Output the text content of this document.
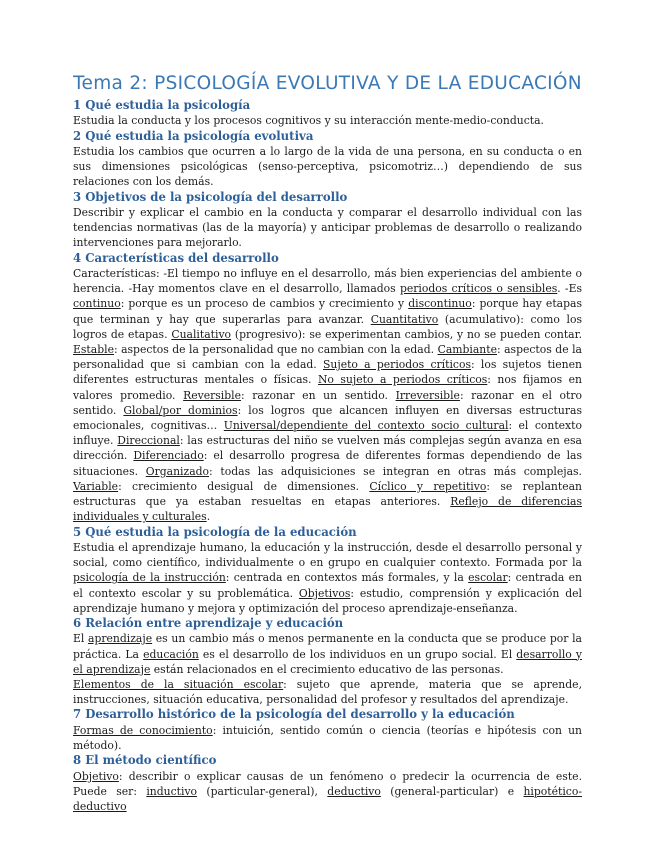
Tema 2: PSICOLOGÍA EVOLUTIVA Y DE LA EDUCACIÓN
1 Qué estudia la psicología

Estudia la conducta y los procesos cognitivos y su interacción mente-medio-conducta.

2 Qué estudia la psicología evolutiva

Estudia los cambios que ocurren a lo largo de la vida de una persona, en su conducta o en sus dimensiones psicológicas (senso-perceptiva, psicomotriz…) dependiendo de sus relaciones con los demás.

3 Objetivos de la psicología del desarrollo

Describir y explicar el cambio en la conducta y comparar el desarrollo individual con las tendencias normativas (las de la mayoría) y anticipar problemas de desarrollo o realizando intervenciones para mejorarlo.

4 Características del desarrollo

Características: -El tiempo no influye en el desarrollo, más bien experiencias del ambiente o herencia. -Hay momentos clave en el desarrollo, llamados periodos críticos o sensibles. -Es continuo: porque es un proceso de cambios y crecimiento y discontinuo: porque hay etapas que terminan y hay que superarlas para avanzar. Cuantitativo (acumulativo): como los logros de etapas. Cualitativo (progresivo): se experimentan cambios, y no se pueden contar. Estable: aspectos de la personalidad que no cambian con la edad. Cambiante: aspectos de la personalidad que si cambian con la edad. Sujeto a periodos críticos: los sujetos tienen diferentes estructuras mentales o físicas. No sujeto a periodos críticos: nos fijamos en valores promedio. Reversible: razonar en un sentido. Irreversible: razonar en el otro sentido. Global/por dominios: los logros que alcancen influyen en diversas estructuras emocionales, cognitivas… Universal/dependiente del contexto socio cultural: el contexto influye. Direccional: las estructuras del niño se vuelven más complejas según avanza en esa dirección. Diferenciado: el desarrollo progresa de diferentes formas dependiendo de las situaciones. Organizado: todas las adquisiciones se integran en otras más complejas. Variable: crecimiento desigual de dimensiones. Cíclico y repetitivo: se replantean estructuras que ya estaban resueltas en etapas anteriores. Reflejo de diferencias individuales y culturales.

5 Qué estudia la psicología de la educación

Estudia el aprendizaje humano, la educación y la instrucción, desde el desarrollo personal y social, como científico, individualmente o en grupo en cualquier contexto. Formada por la psicología de la instrucción: centrada en contextos más formales, y la escolar: centrada en el contexto escolar y su problemática. Objetivos: estudio, comprensión y explicación del aprendizaje humano y mejora y optimización del proceso aprendizaje-enseñanza.

6 Relación entre aprendizaje y educación

El aprendizaje es un cambio más o menos permanente en la conducta que se produce por la práctica. La educación es el desarrollo de los individuos en un grupo social. El desarrollo y el aprendizaje están relacionados en el crecimiento educativo de las personas.

Elementos de la situación escolar: sujeto que aprende, materia que se aprende, instrucciones, situación educativa, personalidad del profesor y resultados del aprendizaje.

7 Desarrollo histórico de la psicología del desarrollo y la educación

Formas de conocimiento: intuición, sentido común o ciencia (teorías e hipótesis con un método).

8 El método científico

Objetivo: describir o explicar causas de un fenómeno o predecir la ocurrencia de este. Puede ser: inductivo (particular-general), deductivo (general-particular) e hipotético-deductivo
